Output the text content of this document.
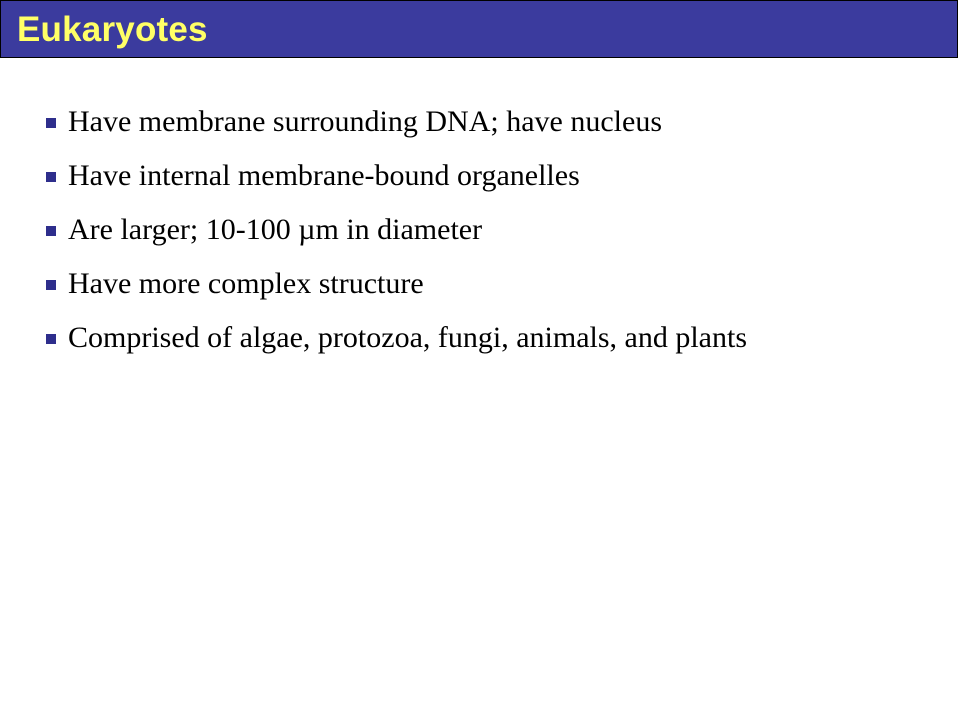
Eukaryotes
Have membrane surrounding DNA; have nucleus
Have internal membrane-bound organelles
Are larger; 10-100 µm in diameter
Have more complex structure
Comprised of algae, protozoa, fungi, animals, and plants
